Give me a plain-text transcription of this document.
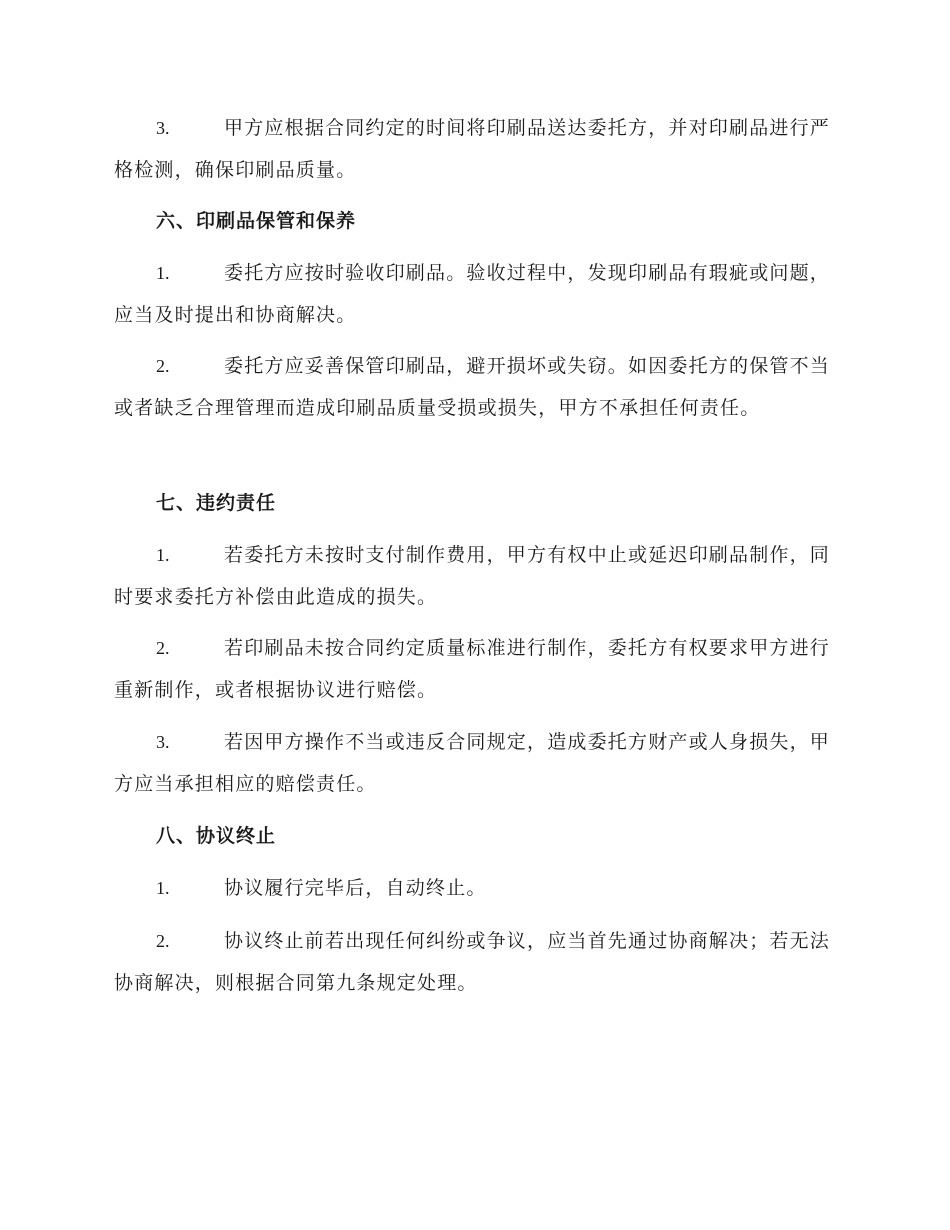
3.	甲方应根据合同约定的时间将印刷品送达委托方，并对印刷品进行严格检测，确保印刷品质量。
六、印刷品保管和保养
1.	委托方应按时验收印刷品。验收过程中，发现印刷品有瑕疵或问题，应当及时提出和协商解决。
2.	委托方应妥善保管印刷品，避开损坏或失窃。如因委托方的保管不当或者缺乏合理管理而造成印刷品质量受损或损失，甲方不承担任何责任。
七、违约责任
1.	若委托方未按时支付制作费用，甲方有权中止或延迟印刷品制作，同时要求委托方补偿由此造成的损失。
2.	若印刷品未按合同约定质量标准进行制作，委托方有权要求甲方进行重新制作，或者根据协议进行赔偿。
3.	若因甲方操作不当或违反合同规定，造成委托方财产或人身损失，甲方应当承担相应的赔偿责任。
八、协议终止
1.	协议履行完毕后，自动终止。
2.	协议终止前若出现任何纠纷或争议，应当首先通过协商解决；若无法协商解决，则根据合同第九条规定处理。
